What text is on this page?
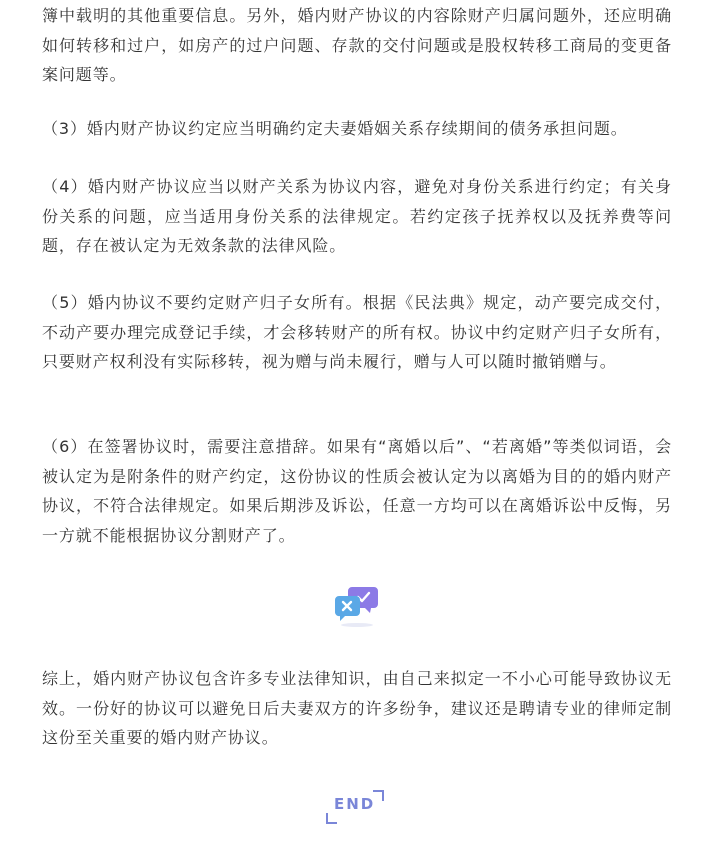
簿中载明的其他重要信息。另外，婚内财产协议的内容除财产归属问题外，还应明确如何转移和过户，如房产的过户问题、存款的交付问题或是股权转移工商局的变更备案问题等。

（3）婚内财产协议约定应当明确约定夫妻婚姻关系存续期间的债务承担问题。

（4）婚内财产协议应当以财产关系为协议内容，避免对身份关系进行约定；有关身份关系的问题，应当适用身份关系的法律规定。若约定孩子抚养权以及抚养费等问题，存在被认定为无效条款的法律风险。

（5）婚内协议不要约定财产归子女所有。根据《民法典》规定，动产要完成交付，不动产要办理完成登记手续，才会移转财产的所有权。协议中约定财产归子女所有，只要财产权利没有实际移转，视为赠与尚未履行，赠与人可以随时撤销赠与。

（6）在签署协议时，需要注意措辞。如果有“离婚以后”、“若离婚”等类似词语，会被认定为是附条件的财产约定，这份协议的性质会被认定为以离婚为目的的婚内财产协议，不符合法律规定。如果后期涉及诉讼，任意一方均可以在离婚诉讼中反悔，另一方就不能根据协议分割财产了。

综上，婚内财产协议包含许多专业法律知识，由自己来拟定一不小心可能导致协议无效。一份好的协议可以避免日后夫妻双方的许多纷争，建议还是聘请专业的律师定制这份至关重要的婚内财产协议。

END
